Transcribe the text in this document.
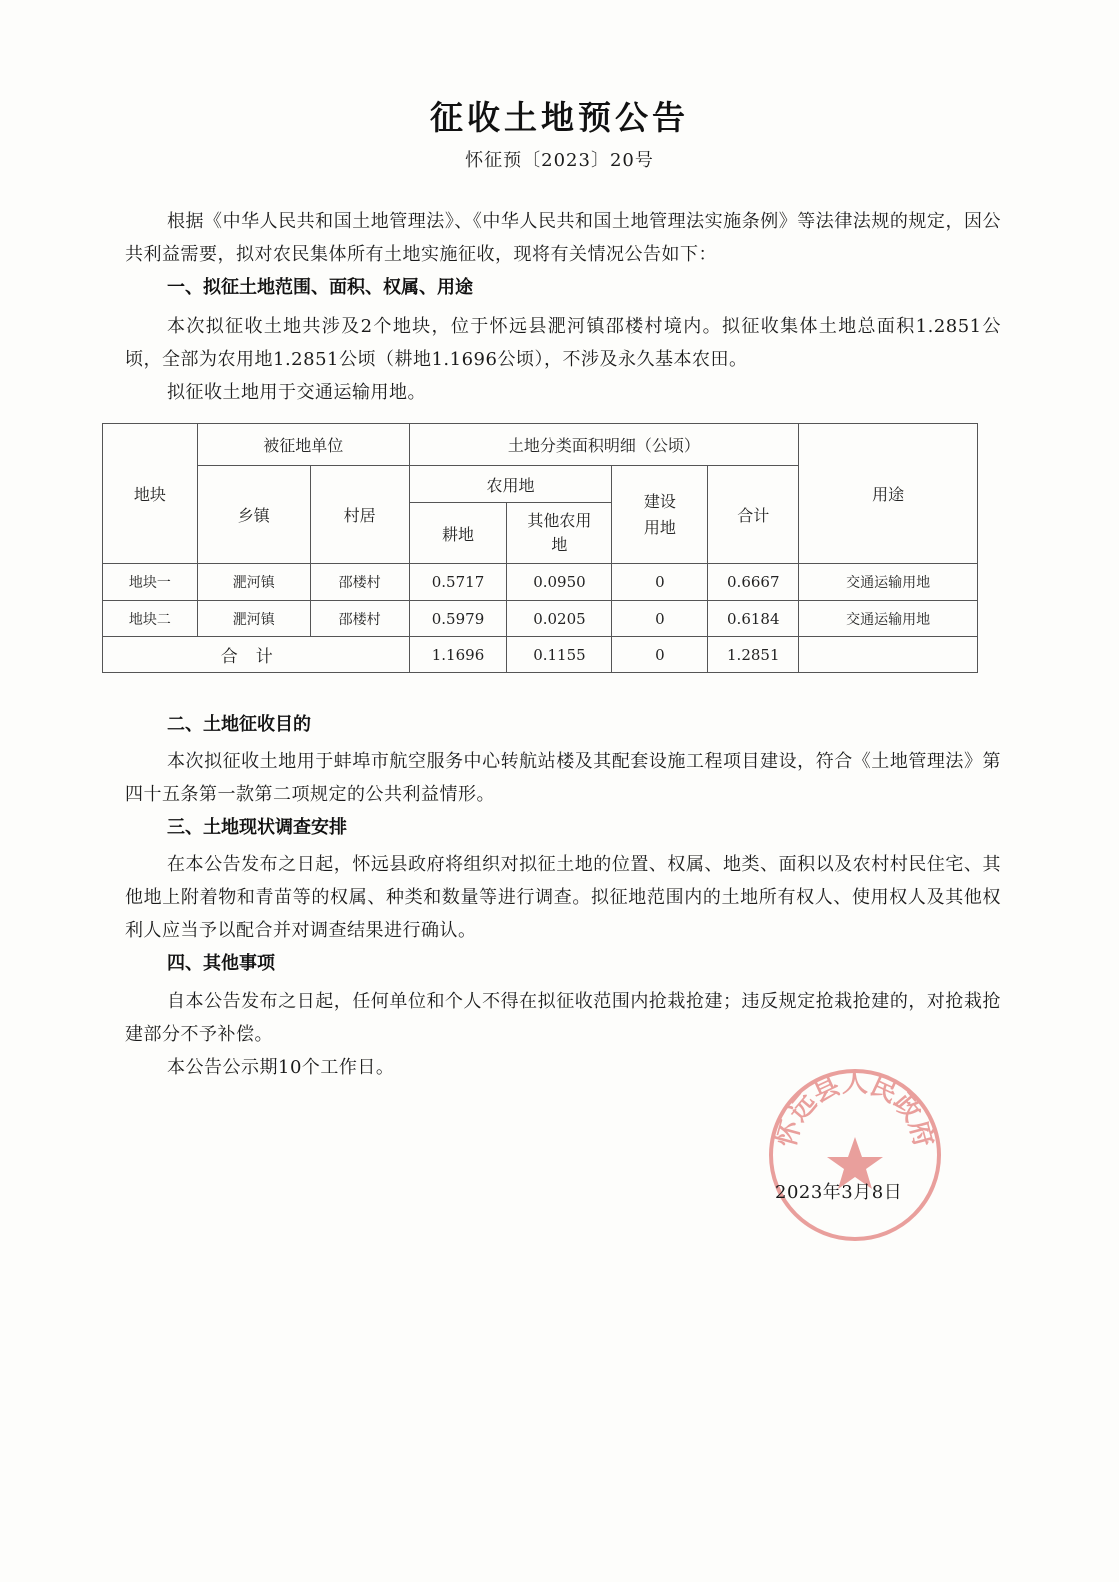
征收土地预公告
怀征预〔2023〕20号
根据《中华人民共和国土地管理法》、《中华人民共和国土地管理法实施条例》等法律法规的规定，因公共利益需要，拟对农民集体所有土地实施征收，现将有关情况公告如下：
一、拟征土地范围、面积、权属、用途
本次拟征收土地共涉及2个地块，位于怀远县淝河镇邵楼村境内。拟征收集体土地总面积1.2851公顷，全部为农用地1.2851公顷（耕地1.1696公顷），不涉及永久基本农田。
拟征收土地用于交通运输用地。
地块	被征地单位		土地分类面积明细（公顷）				用途
	乡镇	村居	农用地		建设用地	合计	
			耕地	其他农用地			
地块一	淝河镇	邵楼村	0.5717	0.0950	0	0.6667	交通运输用地
地块二	淝河镇	邵楼村	0.5979	0.0205	0	0.6184	交通运输用地
合计			1.1696	0.1155	0	1.2851	
二、土地征收目的
本次拟征收土地用于蚌埠市航空服务中心转航站楼及其配套设施工程项目建设，符合《土地管理法》第四十五条第一款第二项规定的公共利益情形。
三、土地现状调查安排
在本公告发布之日起，怀远县政府将组织对拟征土地的位置、权属、地类、面积以及农村村民住宅、其他地上附着物和青苗等的权属、种类和数量等进行调查。拟征地范围内的土地所有权人、使用权人及其他权利人应当予以配合并对调查结果进行确认。
四、其他事项
自本公告发布之日起，任何单位和个人不得在拟征收范围内抢栽抢建；违反规定抢栽抢建的，对抢栽抢建部分不予补偿。
本公告公示期10个工作日。
怀远县人民政府
2023年3月8日
